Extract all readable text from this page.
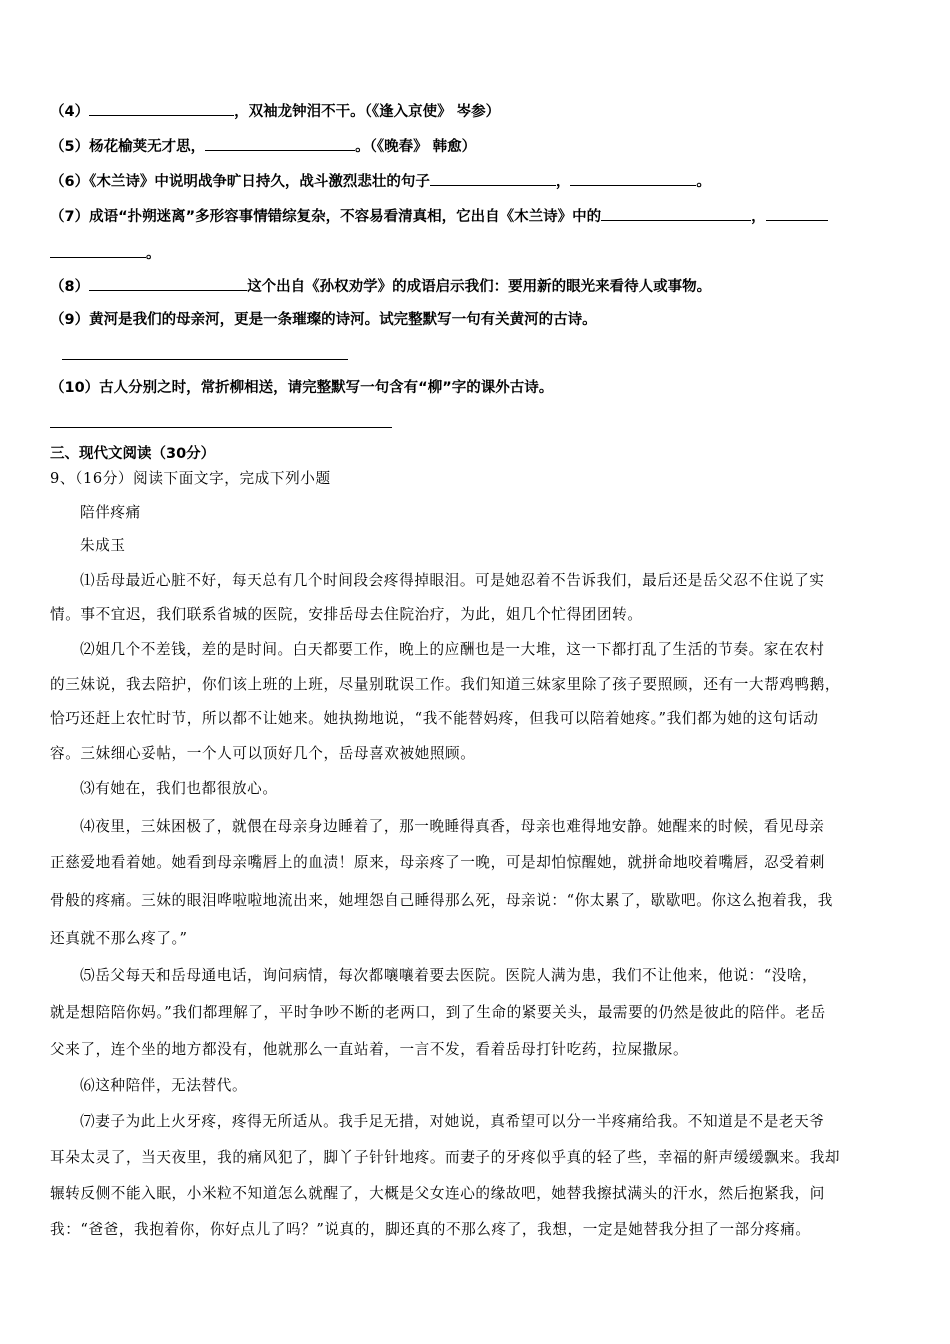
（4）	，双袖龙钟泪不干。（《逢入京使》 岑参）
（5）杨花榆荚无才思，	。（《晚春》 韩愈）
（6）《木兰诗》中说明战争旷日持久，战斗激烈悲壮的句子	，	。
（7）成语“扑朔迷离”多形容事情错综复杂，不容易看清真相，它出自《木兰诗》中的	，
。
（8）	这个出自《孙权劝学》的成语启示我们：要用新的眼光来看待人或事物。
（9）黄河是我们的母亲河，更是一条璀璨的诗河。试完整默写一句有关黄河的古诗。
（10）古人分别之时，常折柳相送，请完整默写一句含有“柳”字的课外古诗。
三、现代文阅读（30分）
9、（16分）阅读下面文字，完成下列小题
陪伴疼痛
朱成玉
⑴岳母最近心脏不好，每天总有几个时间段会疼得掉眼泪。可是她忍着不告诉我们，最后还是岳父忍不住说了实
情。事不宜迟，我们联系省城的医院，安排岳母去住院治疗，为此，姐几个忙得团团转。
⑵姐几个不差钱，差的是时间。白天都要工作，晚上的应酬也是一大堆，这一下都打乱了生活的节奏。家在农村
的三妹说，我去陪护，你们该上班的上班，尽量别耽误工作。我们知道三妹家里除了孩子要照顾，还有一大帮鸡鸭鹅，
恰巧还赶上农忙时节，所以都不让她来。她执拗地说，“我不能替妈疼，但我可以陪着她疼。”我们都为她的这句话动
容。三妹细心妥帖，一个人可以顶好几个，岳母喜欢被她照顾。
⑶有她在，我们也都很放心。
⑷夜里，三妹困极了，就偎在母亲身边睡着了，那一晚睡得真香，母亲也难得地安静。她醒来的时候，看见母亲
正慈爱地看着她。她看到母亲嘴唇上的血渍！原来，母亲疼了一晚，可是却怕惊醒她，就拼命地咬着嘴唇，忍受着刺
骨般的疼痛。三妹的眼泪哗啦啦地流出来，她埋怨自己睡得那么死，母亲说：“你太累了，歇歇吧。你这么抱着我，我
还真就不那么疼了。”
⑸岳父每天和岳母通电话，询问病情，每次都嚷嚷着要去医院。医院人满为患，我们不让他来，他说：“没啥，
就是想陪陪你妈。”我们都理解了，平时争吵不断的老两口，到了生命的紧要关头，最需要的仍然是彼此的陪伴。老岳
父来了，连个坐的地方都没有，他就那么一直站着，一言不发，看着岳母打针吃药，拉屎撒尿。
⑹这种陪伴，无法替代。
⑺妻子为此上火牙疼，疼得无所适从。我手足无措，对她说，真希望可以分一半疼痛给我。不知道是不是老天爷
耳朵太灵了，当天夜里，我的痛风犯了，脚丫子针针地疼。而妻子的牙疼似乎真的轻了些，幸福的鼾声缓缓飘来。我却
辗转反侧不能入眠，小米粒不知道怎么就醒了，大概是父女连心的缘故吧，她替我擦拭满头的汗水，然后抱紧我，问
我：“爸爸，我抱着你，你好点儿了吗？”说真的，脚还真的不那么疼了，我想，一定是她替我分担了一部分疼痛。
